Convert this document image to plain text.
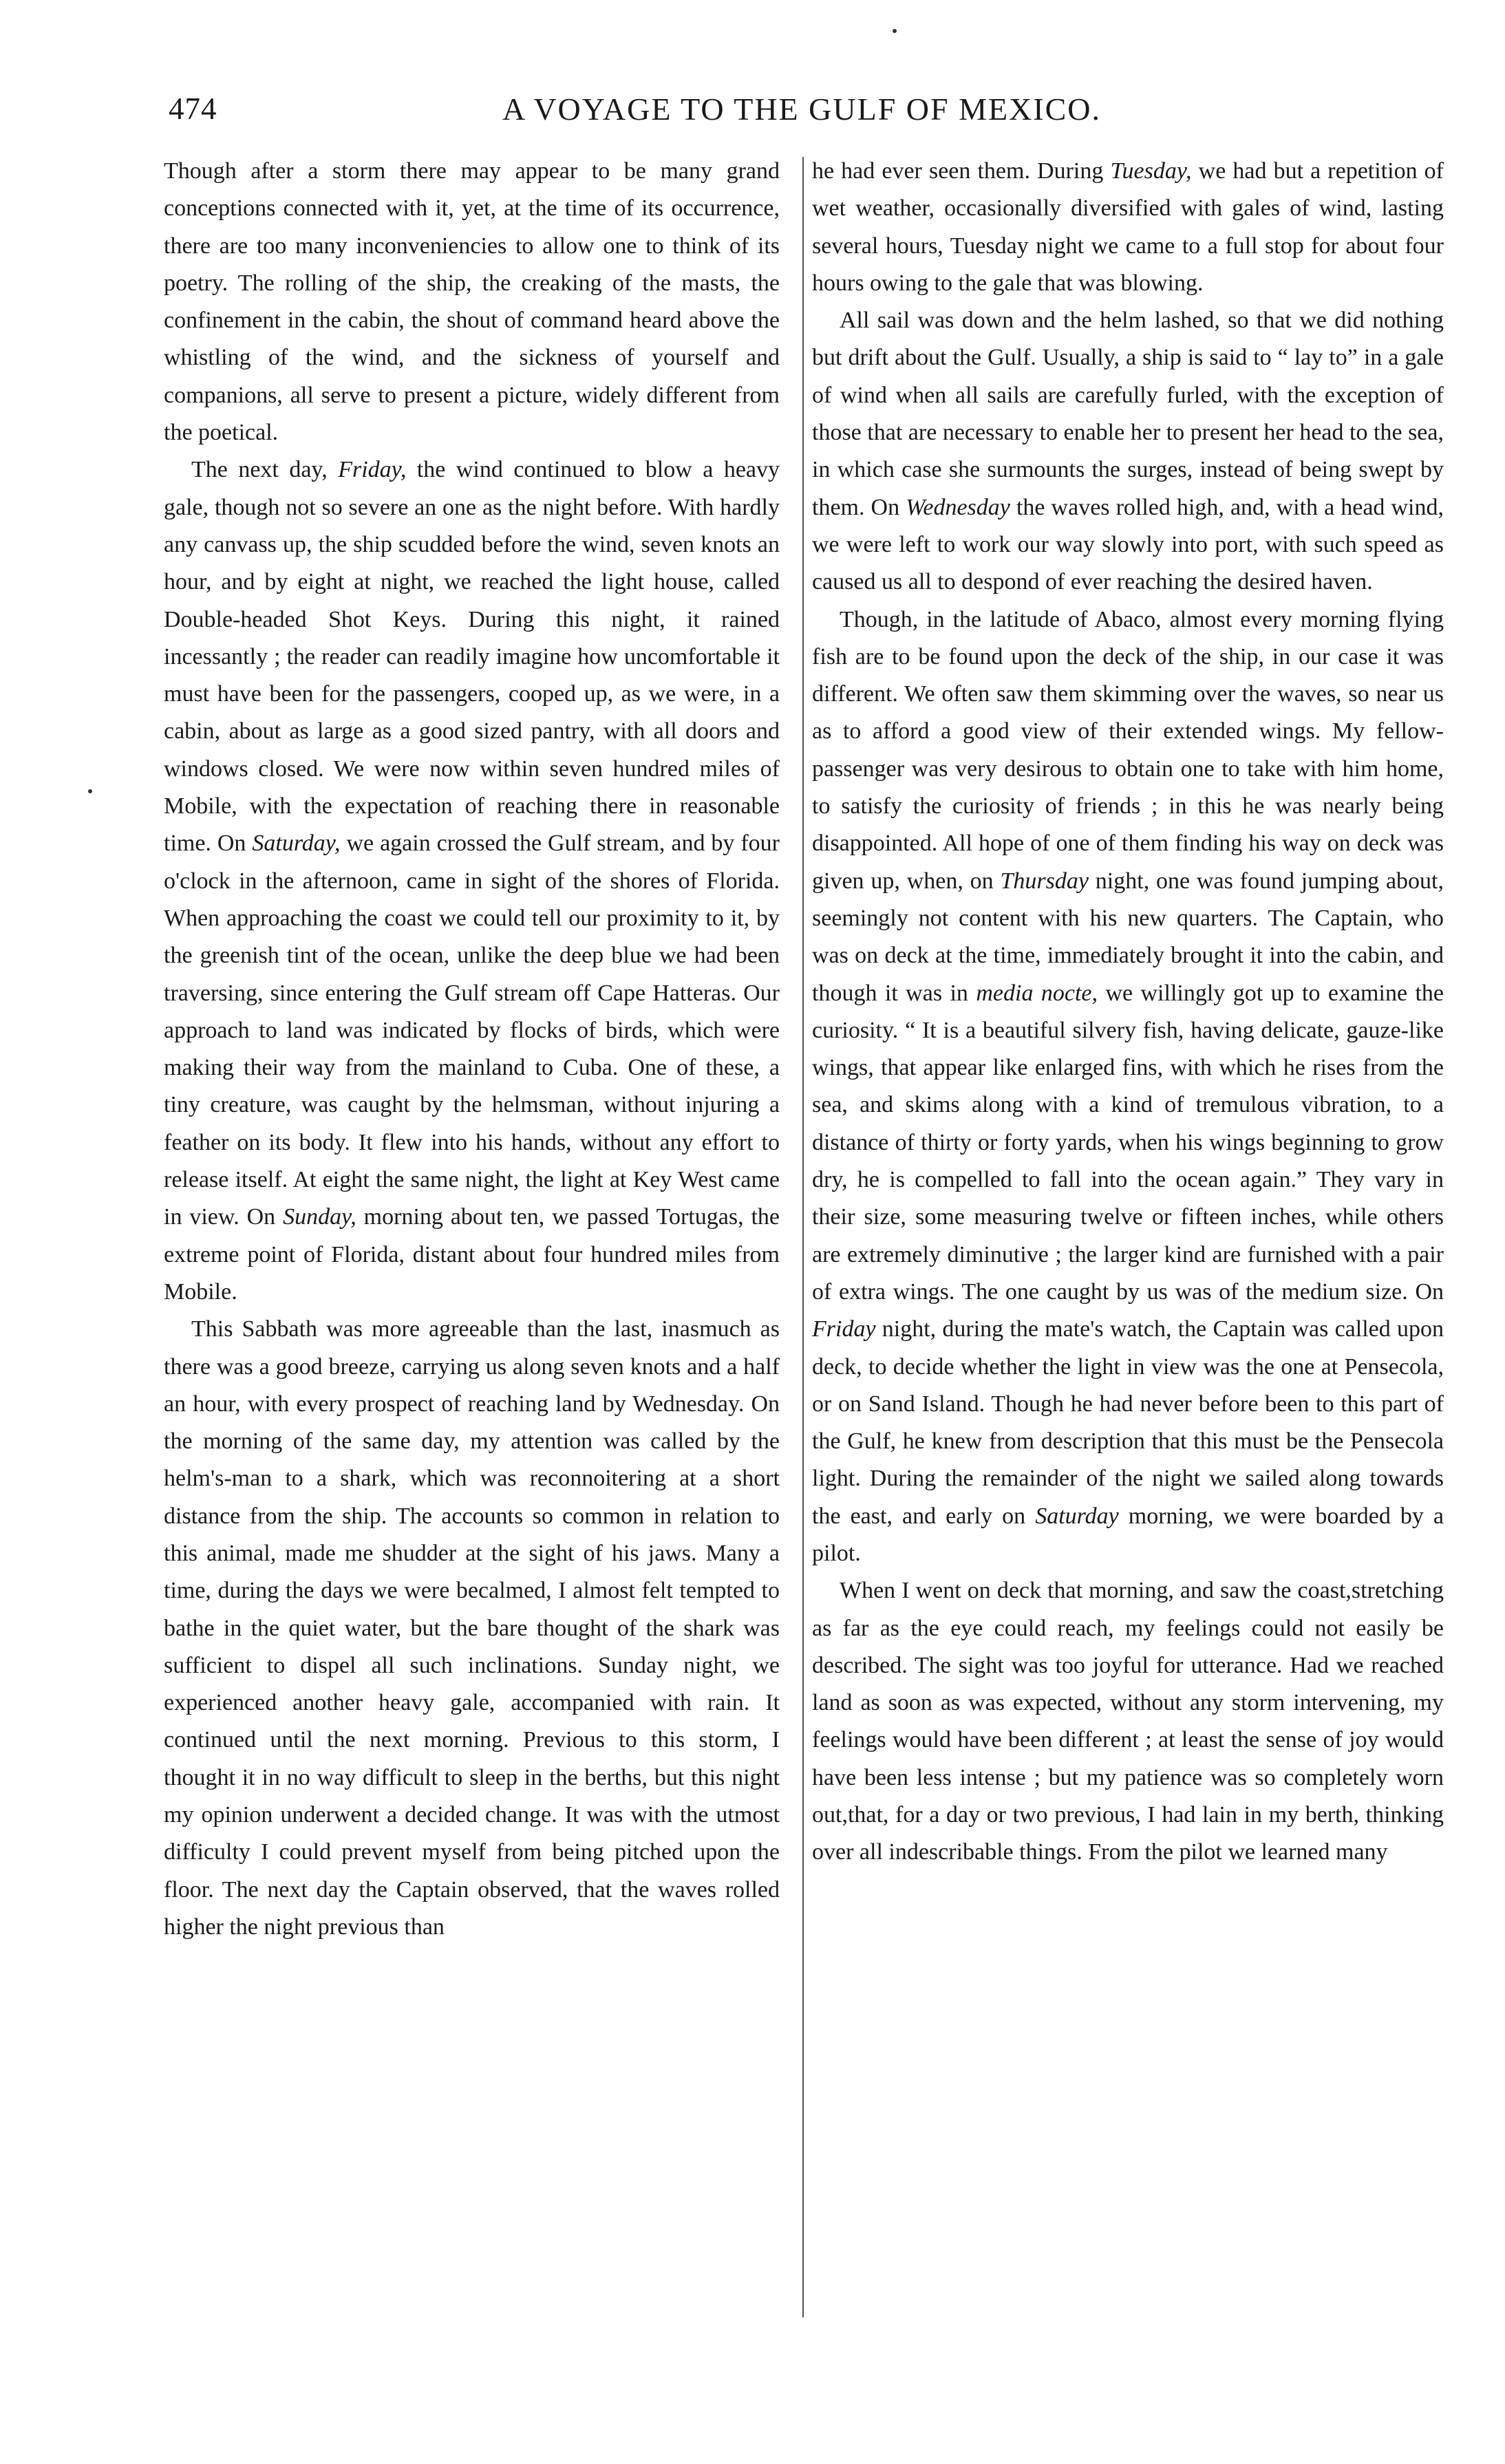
474	A VOYAGE TO THE GULF OF MEXICO.

Though after a storm there may appear to be many grand conceptions connected with it, yet, at the time of its occurrence, there are too many inconveniencies to allow one to think of its poetry. The rolling of the ship, the creaking of the masts, the confinement in the cabin, the shout of command heard above the whistling of the wind, and the sickness of yourself and companions, all serve to present a picture, widely different from the poetical.

The next day, Friday, the wind continued to blow a heavy gale, though not so severe an one as the night before. With hardly any canvass up, the ship scudded before the wind, seven knots an hour, and by eight at night, we reached the light house, called Double-headed Shot Keys. During this night, it rained incessantly ; the reader can readily imagine how uncomfortable it must have been for the passengers, cooped up, as we were, in a cabin, about as large as a good sized pantry, with all doors and windows closed. We were now within seven hundred miles of Mobile, with the expectation of reaching there in reasonable time. On Saturday, we again crossed the Gulf stream, and by four o'clock in the afternoon, came in sight of the shores of Florida. When approaching the coast we could tell our proximity to it, by the greenish tint of the ocean, unlike the deep blue we had been traversing, since entering the Gulf stream off Cape Hatteras. Our approach to land was indicated by flocks of birds, which were making their way from the mainland to Cuba. One of these, a tiny creature, was caught by the helmsman, without injuring a feather on its body. It flew into his hands, without any effort to release itself. At eight the same night, the light at Key West came in view. On Sunday, morning about ten, we passed Tortugas, the extreme point of Florida, distant about four hundred miles from Mobile.

This Sabbath was more agreeable than the last, inasmuch as there was a good breeze, carrying us along seven knots and a half an hour, with every prospect of reaching land by Wednesday. On the morning of the same day, my attention was called by the helm's-man to a shark, which was reconnoitering at a short distance from the ship. The accounts so common in relation to this animal, made me shudder at the sight of his jaws. Many a time, during the days we were becalmed, I almost felt tempted to bathe in the quiet water, but the bare thought of the shark was sufficient to dispel all such inclinations. Sunday night, we experienced another heavy gale, accompanied with rain. It continued until the next morning. Previous to this storm, I thought it in no way difficult to sleep in the berths, but this night my opinion underwent a decided change. It was with the utmost difficulty I could prevent myself from being pitched upon the floor. The next day the Captain observed, that the waves rolled higher the night previous than

he had ever seen them. During Tuesday, we had but a repetition of wet weather, occasionally diversified with gales of wind, lasting several hours, Tuesday night we came to a full stop for about four hours owing to the gale that was blowing.

All sail was down and the helm lashed, so that we did nothing but drift about the Gulf. Usually, a ship is said to “ lay to” in a gale of wind when all sails are carefully furled, with the exception of those that are necessary to enable her to present her head to the sea, in which case she surmounts the surges, instead of being swept by them. On Wednesday the waves rolled high, and, with a head wind, we were left to work our way slowly into port, with such speed as caused us all to despond of ever reaching the desired haven.

Though, in the latitude of Abaco, almost every morning flying fish are to be found upon the deck of the ship, in our case it was different. We often saw them skimming over the waves, so near us as to afford a good view of their extended wings. My fellow-passenger was very desirous to obtain one to take with him home, to satisfy the curiosity of friends ; in this he was nearly being disappointed. All hope of one of them finding his way on deck was given up, when, on Thursday night, one was found jumping about, seemingly not content with his new quarters. The Captain, who was on deck at the time, immediately brought it into the cabin, and though it was in media nocte, we willingly got up to examine the curiosity. “ It is a beautiful silvery fish, having delicate, gauze-like wings, that appear like enlarged fins, with which he rises from the sea, and skims along with a kind of tremulous vibration, to a distance of thirty or forty yards, when his wings beginning to grow dry, he is compelled to fall into the ocean again.” They vary in their size, some measuring twelve or fifteen inches, while others are extremely diminutive ; the larger kind are furnished with a pair of extra wings. The one caught by us was of the medium size. On Friday night, during the mate's watch, the Captain was called upon deck, to decide whether the light in view was the one at Pensecola, or on Sand Island. Though he had never before been to this part of the Gulf, he knew from description that this must be the Pensecola light. During the remainder of the night we sailed along towards the east, and early on Saturday morning, we were boarded by a pilot.

When I went on deck that morning, and saw the coast,stretching as far as the eye could reach, my feelings could not easily be described. The sight was too joyful for utterance. Had we reached land as soon as was expected, without any storm intervening, my feelings would have been different ; at least the sense of joy would have been less intense ; but my patience was so completely worn out,that, for a day or two previous, I had lain in my berth, thinking over all indescribable things. From the pilot we learned many
